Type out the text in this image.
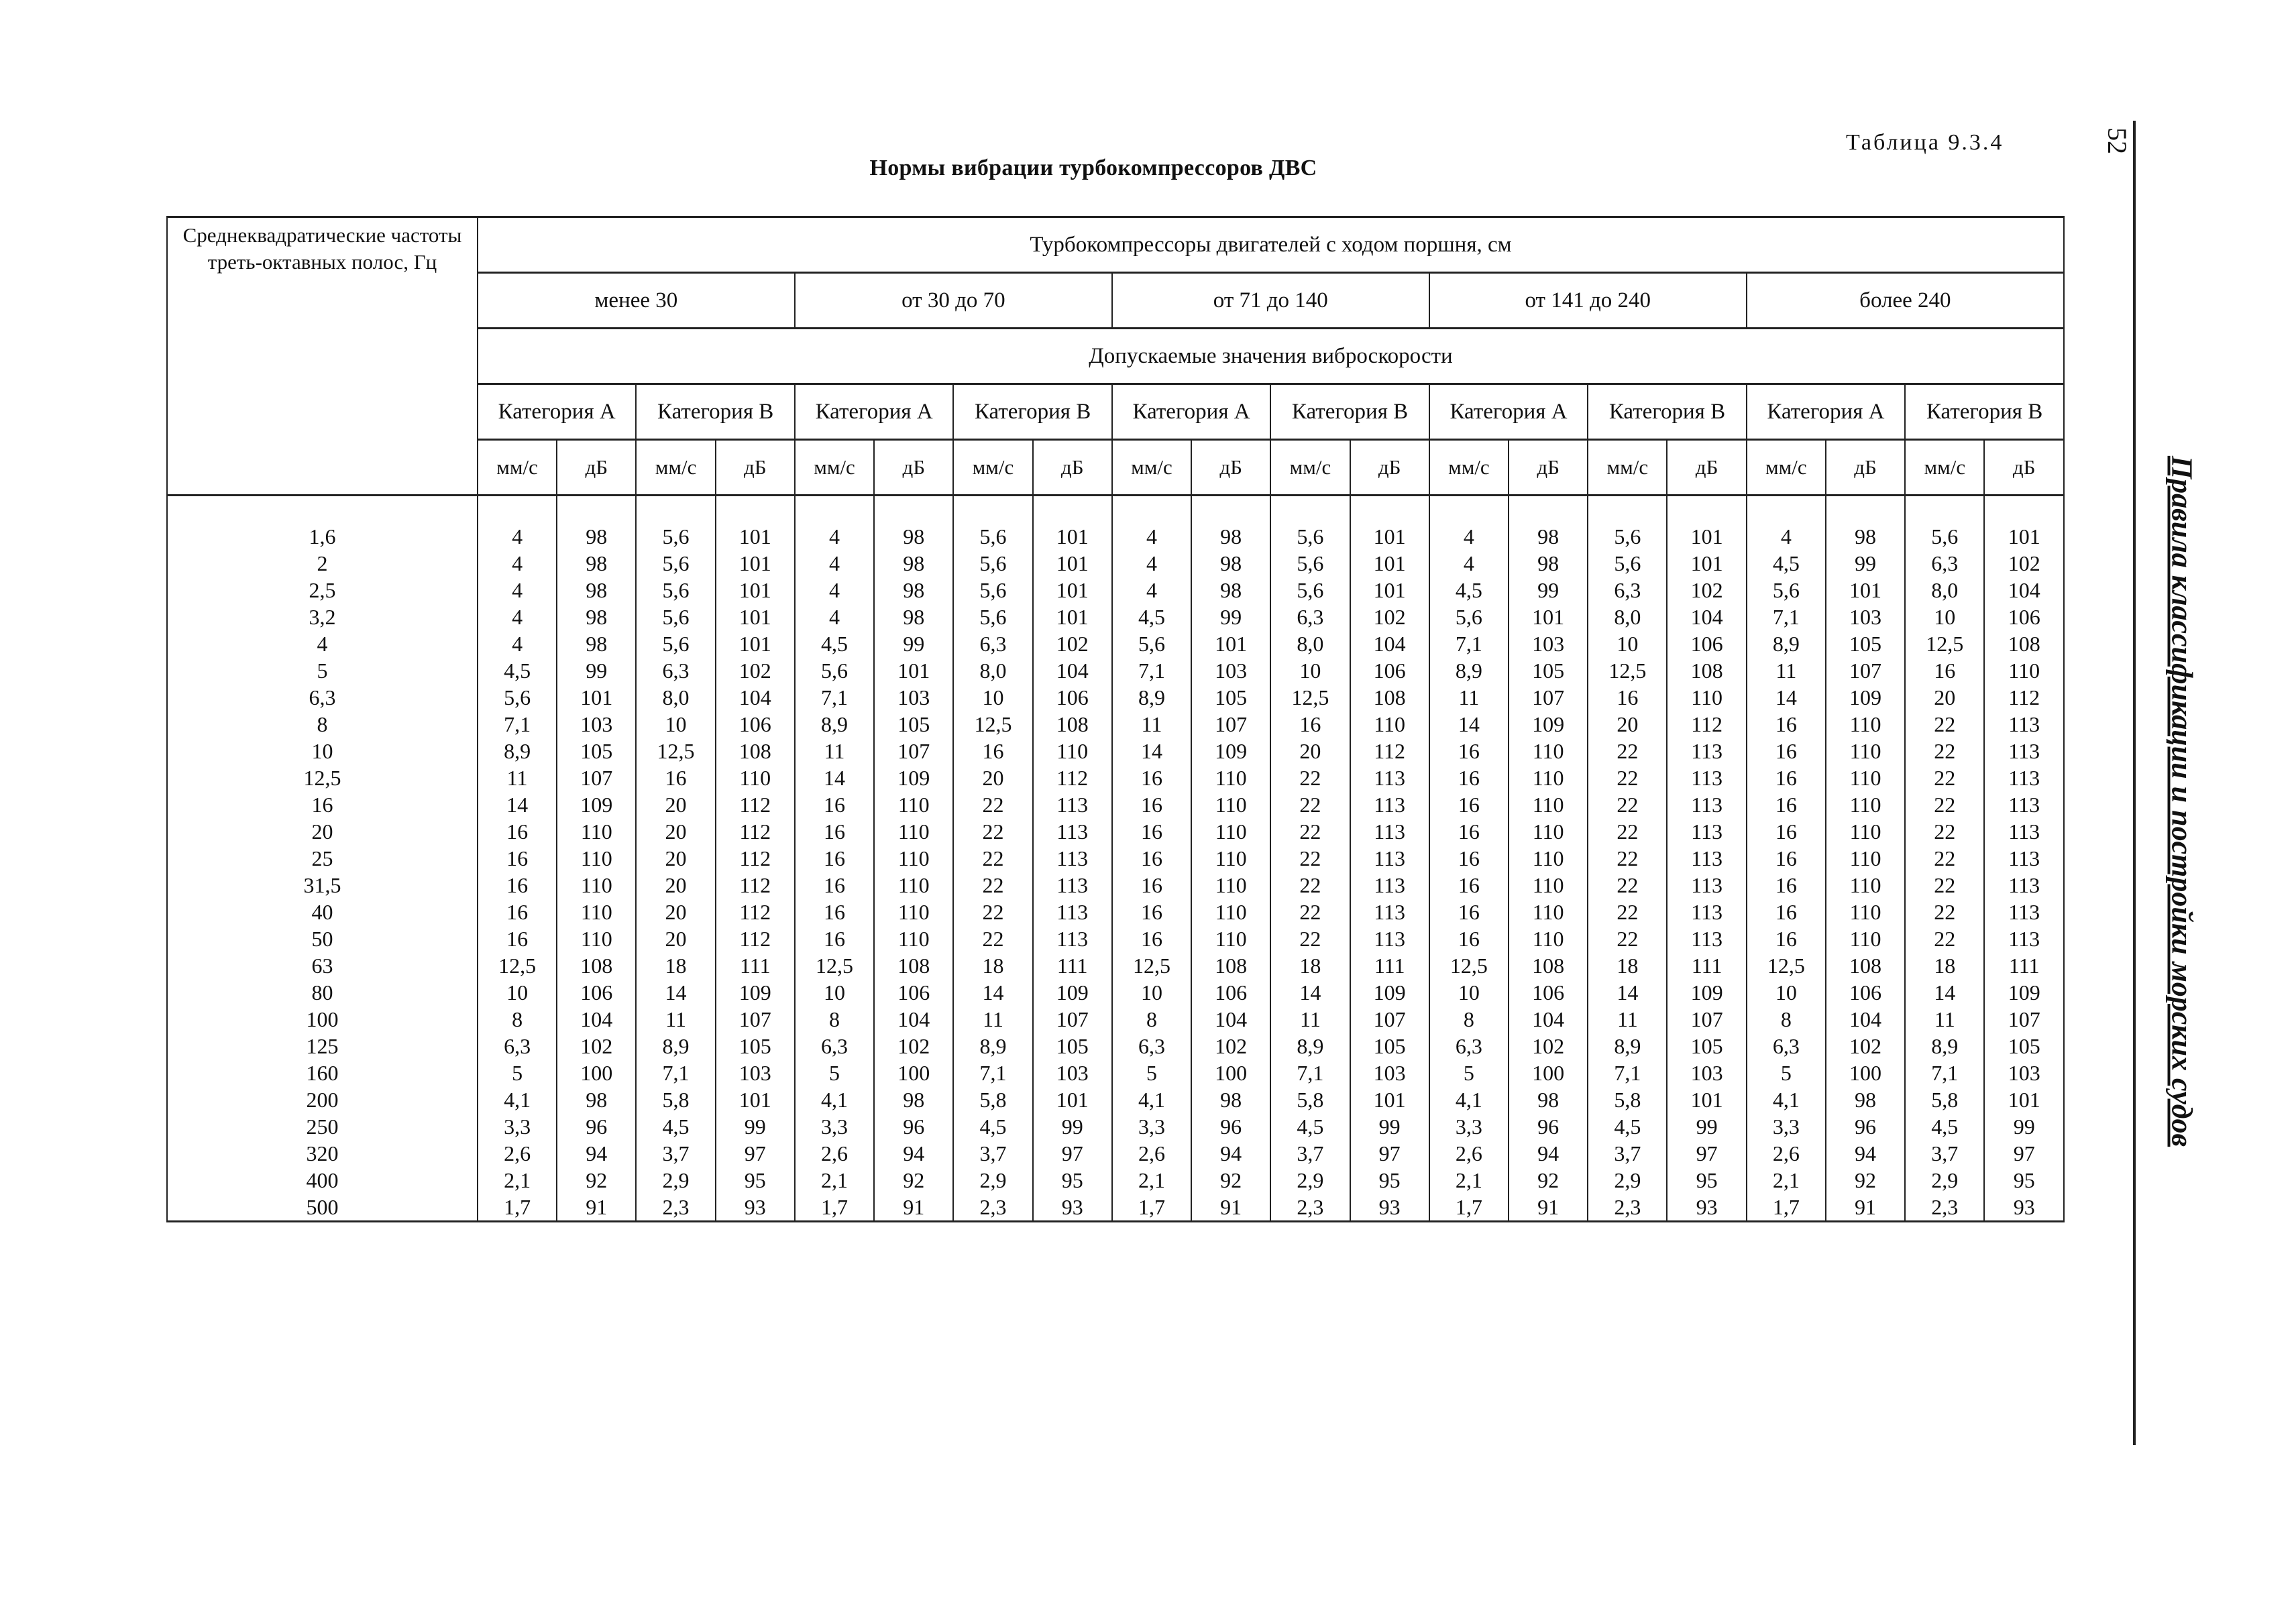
Нормы вибрации турбокомпрессоров ДВС
Таблица 9.3.4	52
Правила классификации и постройки морских судов
Среднеквадратические частоты треть-октавных полос, Гц	Турбокомпрессоры двигателей с ходом поршня, см																			
	менее 30				от 30 до 70				от 71 до 140				от 141 до 240				более 240			
	Допускаемые значения виброскорости																			
	Категория A		Категория B		Категория A		Категория B		Категория A		Категория B		Категория A		Категория B		Категория A		Категория B	
	мм/с	дБ	мм/с	дБ	мм/с	дБ	мм/с	дБ	мм/с	дБ	мм/с	дБ	мм/с	дБ	мм/с	дБ	мм/с	дБ	мм/с	дБ

1,6	4	98	5,6	101	4	98	5,6	101	4	98	5,6	101	4	98	5,6	101	4	98	5,6	101
2	4	98	5,6	101	4	98	5,6	101	4	98	5,6	101	4	98	5,6	101	4,5	99	6,3	102
2,5	4	98	5,6	101	4	98	5,6	101	4	98	5,6	101	4,5	99	6,3	102	5,6	101	8,0	104
3,2	4	98	5,6	101	4	98	5,6	101	4,5	99	6,3	102	5,6	101	8,0	104	7,1	103	10	106
4	4	98	5,6	101	4,5	99	6,3	102	5,6	101	8,0	104	7,1	103	10	106	8,9	105	12,5	108
5	4,5	99	6,3	102	5,6	101	8,0	104	7,1	103	10	106	8,9	105	12,5	108	11	107	16	110
6,3	5,6	101	8,0	104	7,1	103	10	106	8,9	105	12,5	108	11	107	16	110	14	109	20	112
8	7,1	103	10	106	8,9	105	12,5	108	11	107	16	110	14	109	20	112	16	110	22	113
10	8,9	105	12,5	108	11	107	16	110	14	109	20	112	16	110	22	113	16	110	22	113
12,5	11	107	16	110	14	109	20	112	16	110	22	113	16	110	22	113	16	110	22	113
16	14	109	20	112	16	110	22	113	16	110	22	113	16	110	22	113	16	110	22	113
20	16	110	20	112	16	110	22	113	16	110	22	113	16	110	22	113	16	110	22	113
25	16	110	20	112	16	110	22	113	16	110	22	113	16	110	22	113	16	110	22	113
31,5	16	110	20	112	16	110	22	113	16	110	22	113	16	110	22	113	16	110	22	113
40	16	110	20	112	16	110	22	113	16	110	22	113	16	110	22	113	16	110	22	113
50	16	110	20	112	16	110	22	113	16	110	22	113	16	110	22	113	16	110	22	113
63	12,5	108	18	111	12,5	108	18	111	12,5	108	18	111	12,5	108	18	111	12,5	108	18	111
80	10	106	14	109	10	106	14	109	10	106	14	109	10	106	14	109	10	106	14	109
100	8	104	11	107	8	104	11	107	8	104	11	107	8	104	11	107	8	104	11	107
125	6,3	102	8,9	105	6,3	102	8,9	105	6,3	102	8,9	105	6,3	102	8,9	105	6,3	102	8,9	105
160	5	100	7,1	103	5	100	7,1	103	5	100	7,1	103	5	100	7,1	103	5	100	7,1	103
200	4,1	98	5,8	101	4,1	98	5,8	101	4,1	98	5,8	101	4,1	98	5,8	101	4,1	98	5,8	101
250	3,3	96	4,5	99	3,3	96	4,5	99	3,3	96	4,5	99	3,3	96	4,5	99	3,3	96	4,5	99
320	2,6	94	3,7	97	2,6	94	3,7	97	2,6	94	3,7	97	2,6	94	3,7	97	2,6	94	3,7	97
400	2,1	92	2,9	95	2,1	92	2,9	95	2,1	92	2,9	95	2,1	92	2,9	95	2,1	92	2,9	95
500	1,7	91	2,3	93	1,7	91	2,3	93	1,7	91	2,3	93	1,7	91	2,3	93	1,7	91	2,3	93
